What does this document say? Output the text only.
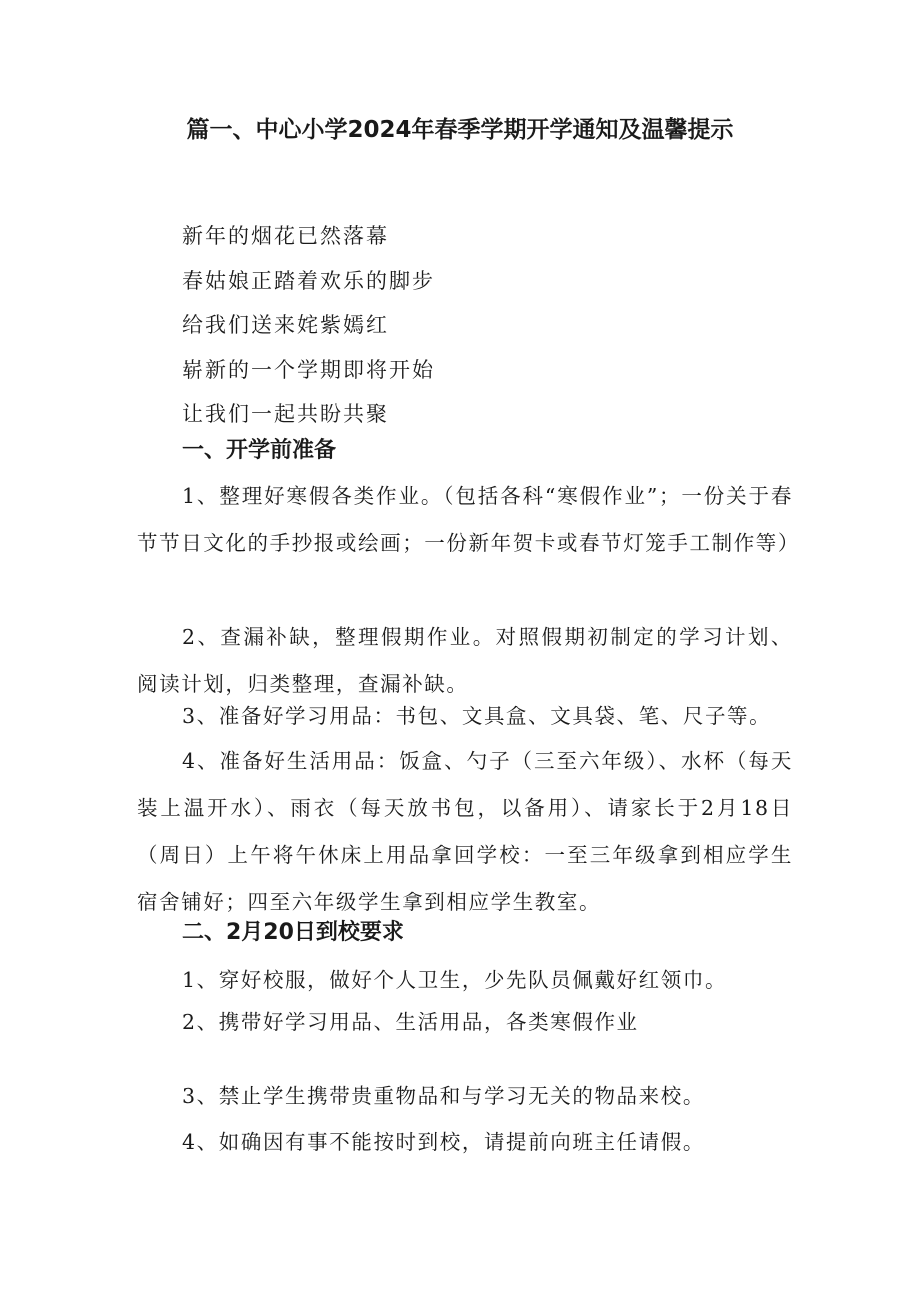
篇一、中心小学2024年春季学期开学通知及温馨提示
新年的烟花已然落幕
春姑娘正踏着欢乐的脚步
给我们送来姹紫嫣红
崭新的一个学期即将开始
让我们一起共盼共聚
一、开学前准备
1、整理好寒假各类作业。（包括各科“寒假作业”；一份关于春节节日文化的手抄报或绘画；一份新年贺卡或春节灯笼手工制作等）
2、查漏补缺，整理假期作业。对照假期初制定的学习计划、阅读计划，归类整理，查漏补缺。
3、准备好学习用品：书包、文具盒、文具袋、笔、尺子等。
4、准备好生活用品：饭盒、勺子（三至六年级）、水杯（每天装上温开水）、雨衣（每天放书包，以备用）、请家长于2月18日（周日）上午将午休床上用品拿回学校：一至三年级拿到相应学生宿舍铺好；四至六年级学生拿到相应学生教室。
二、2月20日到校要求
1、穿好校服，做好个人卫生，少先队员佩戴好红领巾。
2、携带好学习用品、生活用品，各类寒假作业
3、禁止学生携带贵重物品和与学习无关的物品来校。
4、如确因有事不能按时到校，请提前向班主任请假。
